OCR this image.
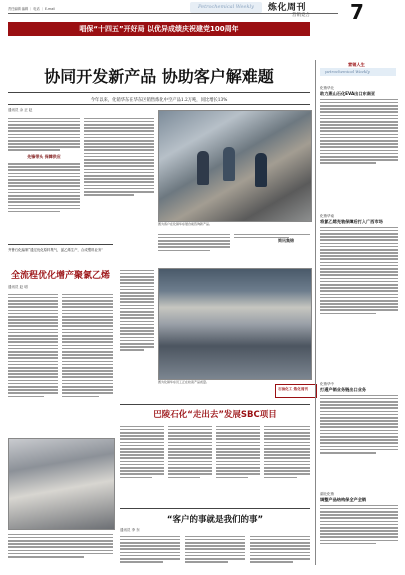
责任编辑 编辑 ｜ 电话 ｜ E-mail	Petrochemical Weekly 炼化周刊
营销竞合 7
唱保“十四五”开好局 以优异成绩庆祝建党100周年
协同开发新产品 协助客户解难题
今年以来，化销华东在华东区销售炼化中空产品1.2万吨，同比增长13%
通讯员 余 正 赵
先锋带头 保障供应
图为客户在化销华东展台前咨询新产品。
简讯集锦
齐鲁石化编制“通过优化原料集气，氯乙烯生产，合成塑料业务”
全流程优化增产聚氯乙烯
通讯员 赵 明
图为化销华东员工正在检查产品质量。
石油化工 炼化周刊
巴陵石化“走出去”发展SBC项目
“客户的事就是我们的事”
通讯员 李 东
营销人生
petrochemical Weekly
化销华北
助力燕山石化EVA出口东南亚
化销华南
将氯乙烯充装保障后打入广西市场
化销华中
打通产销业务链出口业务
湖北化销
调整产品结构保全产全销
